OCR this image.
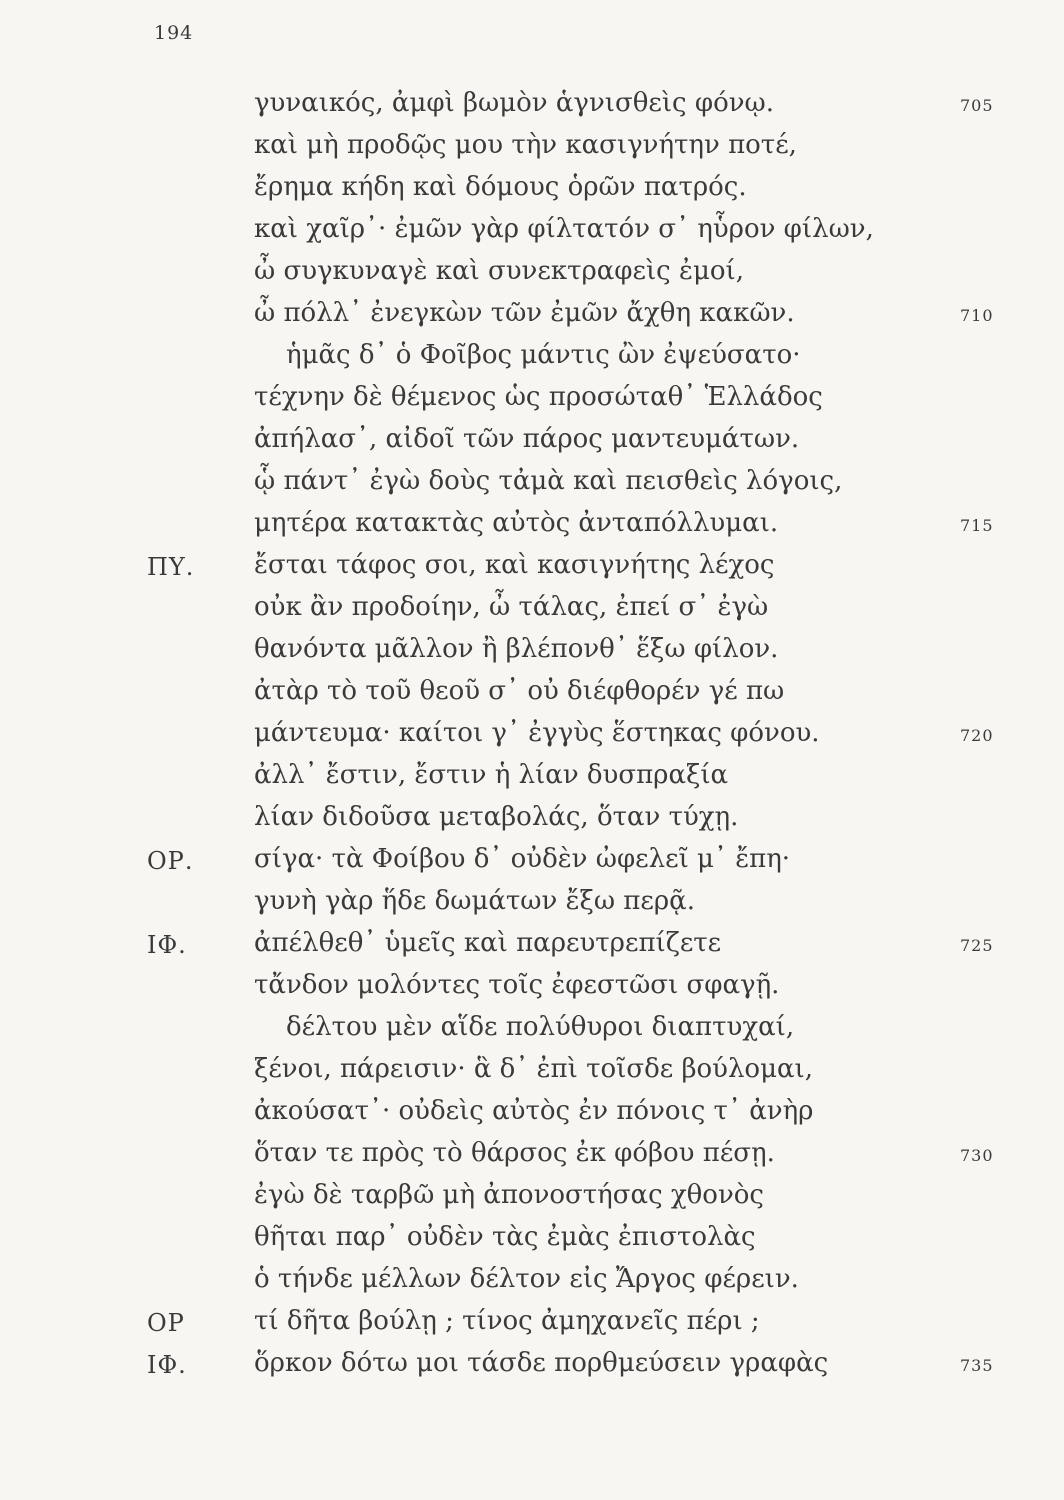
194
γυναικός, ἀμφὶ βωμὸν ἁγνισθεὶς φόνῳ.	705
καὶ μὴ προδῷς μου τὴν κασιγνήτην ποτέ,
ἔρημα κήδη καὶ δόμους ὁρῶν πατρός.
καὶ χαῖρ᾽· ἐμῶν γὰρ φίλτατόν σ᾽ ηὗρον φίλων,
ὦ συγκυναγὲ καὶ συνεκτραφεὶς ἐμοί,
ὦ πόλλ᾽ ἐνεγκὼν τῶν ἐμῶν ἄχθη κακῶν.	710
ἡμᾶς δ᾽ ὁ Φοῖβος μάντις ὢν ἐψεύσατο·
τέχνην δὲ θέμενος ὡς προσώταθ᾽ Ἑλλάδος
ἀπήλασ᾽, αἰδοῖ τῶν πάρος μαντευμάτων.
ᾧ πάντ᾽ ἐγὼ δοὺς τἀμὰ καὶ πεισθεὶς λόγοις,
μητέρα κατακτὰς αὐτὸς ἀνταπόλλυμαι.	715
ΠΥ. ἔσται τάφος σοι, καὶ κασιγνήτης λέχος
οὐκ ἂν προδοίην, ὦ τάλας, ἐπεί σ᾽ ἐγὼ
θανόντα μᾶλλον ἢ βλέπονθ᾽ ἕξω φίλον.
ἀτὰρ τὸ τοῦ θεοῦ σ᾽ οὐ διέφθορέν γέ πω
μάντευμα· καίτοι γ᾽ ἐγγὺς ἕστηκας φόνου.	720
ἀλλ᾽ ἔστιν, ἔστιν ἡ λίαν δυσπραξία
λίαν διδοῦσα μεταβολάς, ὅταν τύχῃ.
ΟΡ. σίγα· τὰ Φοίβου δ᾽ οὐδὲν ὠφελεῖ μ᾽ ἔπη·
γυνὴ γὰρ ἥδε δωμάτων ἔξω περᾷ.
ΙΦ.	ἀπέλθεθ᾽ ὑμεῖς καὶ παρευτρεπίζετε	725
τἄνδον μολόντες τοῖς ἐφεστῶσι σφαγῇ.
δέλτου μὲν αἵδε πολύθυροι διαπτυχαί,
ξένοι, πάρεισιν· ἃ δ᾽ ἐπὶ τοῖσδε βούλομαι,
ἀκούσατ᾽· οὐδεὶς αὐτὸς ἐν πόνοις τ᾽ ἀνὴρ
ὅταν τε πρὸς τὸ θάρσος ἐκ φόβου πέσῃ.	730
ἐγὼ δὲ ταρβῶ μὴ ἀπονοστήσας χθονὸς
θῆται παρ᾽ οὐδὲν τὰς ἐμὰς ἐπιστολὰς
ὁ τήνδε μέλλων δέλτον εἰς Ἄργος φέρειν.
ΟΡ	τί δῆτα βούλῃ ; τίνος ἀμηχανεῖς πέρι ;
ΙΦ.	ὅρκον δότω μοι τάσδε πορθμεύσειν γραφὰς	735
